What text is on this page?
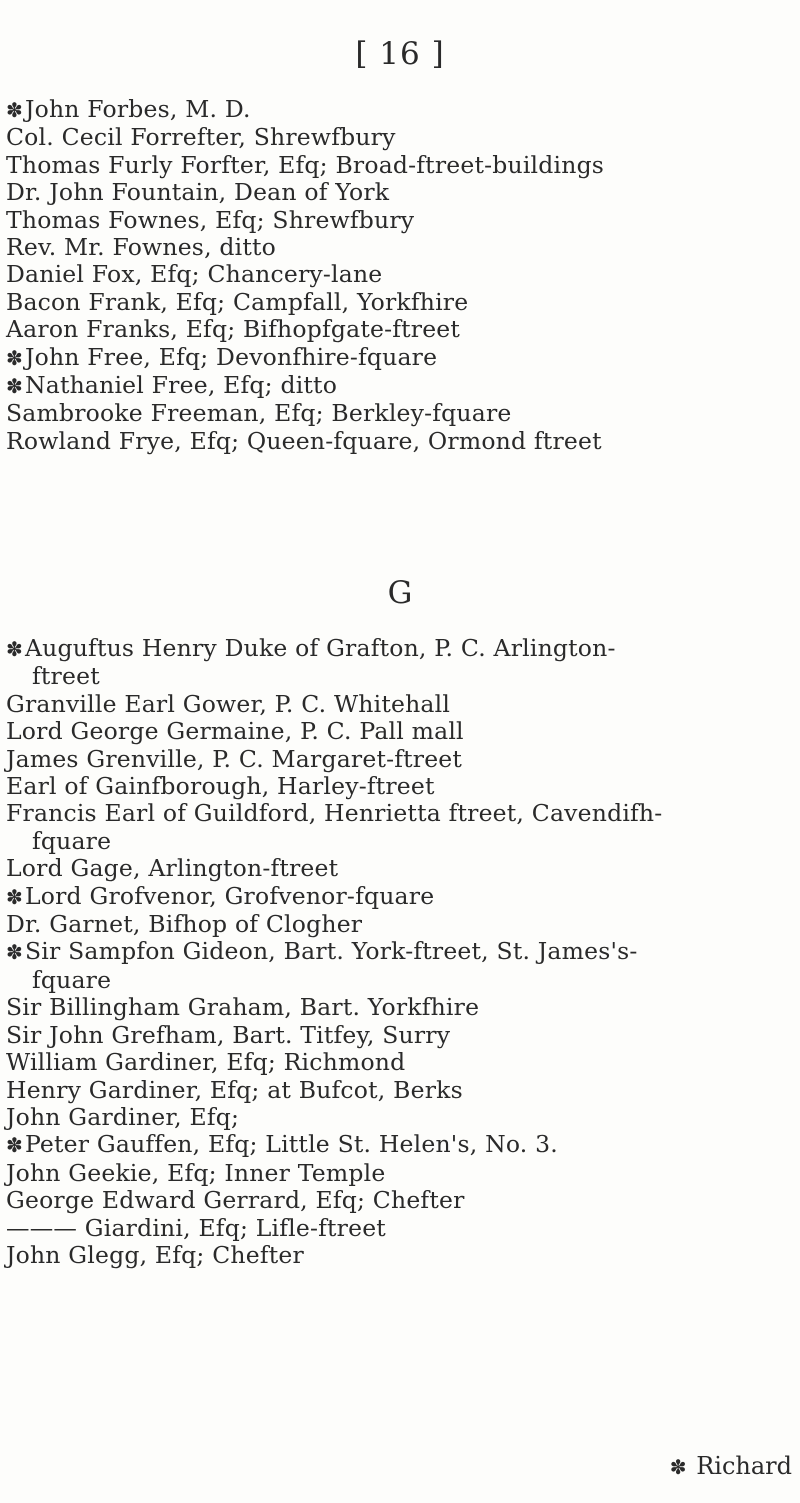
[ 16 ]
✽John Forbes, M. D.
Col. Cecil Forrefter, Shrewfbury
Thomas Furly Forfter, Efq; Broad-ftreet-buildings
Dr. John Fountain, Dean of York
Thomas Fownes, Efq; Shrewfbury
Rev. Mr. Fownes, ditto
Daniel Fox, Efq; Chancery-lane
Bacon Frank, Efq; Campfall, Yorkfhire
Aaron Franks, Efq; Bifhopfgate-ftreet
✽John Free, Efq; Devonfhire-fquare
✽Nathaniel Free, Efq; ditto
Sambrooke Freeman, Efq; Berkley-fquare
Rowland Frye, Efq; Queen-fquare, Ormond ftreet
G
✽Auguftus Henry Duke of Grafton, P. C. Arlington-
ftreet
Granville Earl Gower, P. C. Whitehall
Lord George Germaine, P. C. Pall mall
James Grenville, P. C. Margaret-ftreet
Earl of Gainfborough, Harley-ftreet
Francis Earl of Guildford, Henrietta ftreet, Cavendifh-
fquare
Lord Gage, Arlington-ftreet
✽Lord Grofvenor, Grofvenor-fquare
Dr. Garnet, Bifhop of Clogher
✽Sir Sampfon Gideon, Bart. York-ftreet, St. James's-
fquare
Sir Billingham Graham, Bart. Yorkfhire
Sir John Grefham, Bart. Titfey, Surry
William Gardiner, Efq; Richmond
Henry Gardiner, Efq; at Bufcot, Berks
John Gardiner, Efq;
✽Peter Gauffen, Efq; Little St. Helen's, No. 3.
John Geekie, Efq; Inner Temple
George Edward Gerrard, Efq; Chefter
——— Giardini, Efq; Lifle-ftreet
John Glegg, Efq; Chefter
✽ Richard
